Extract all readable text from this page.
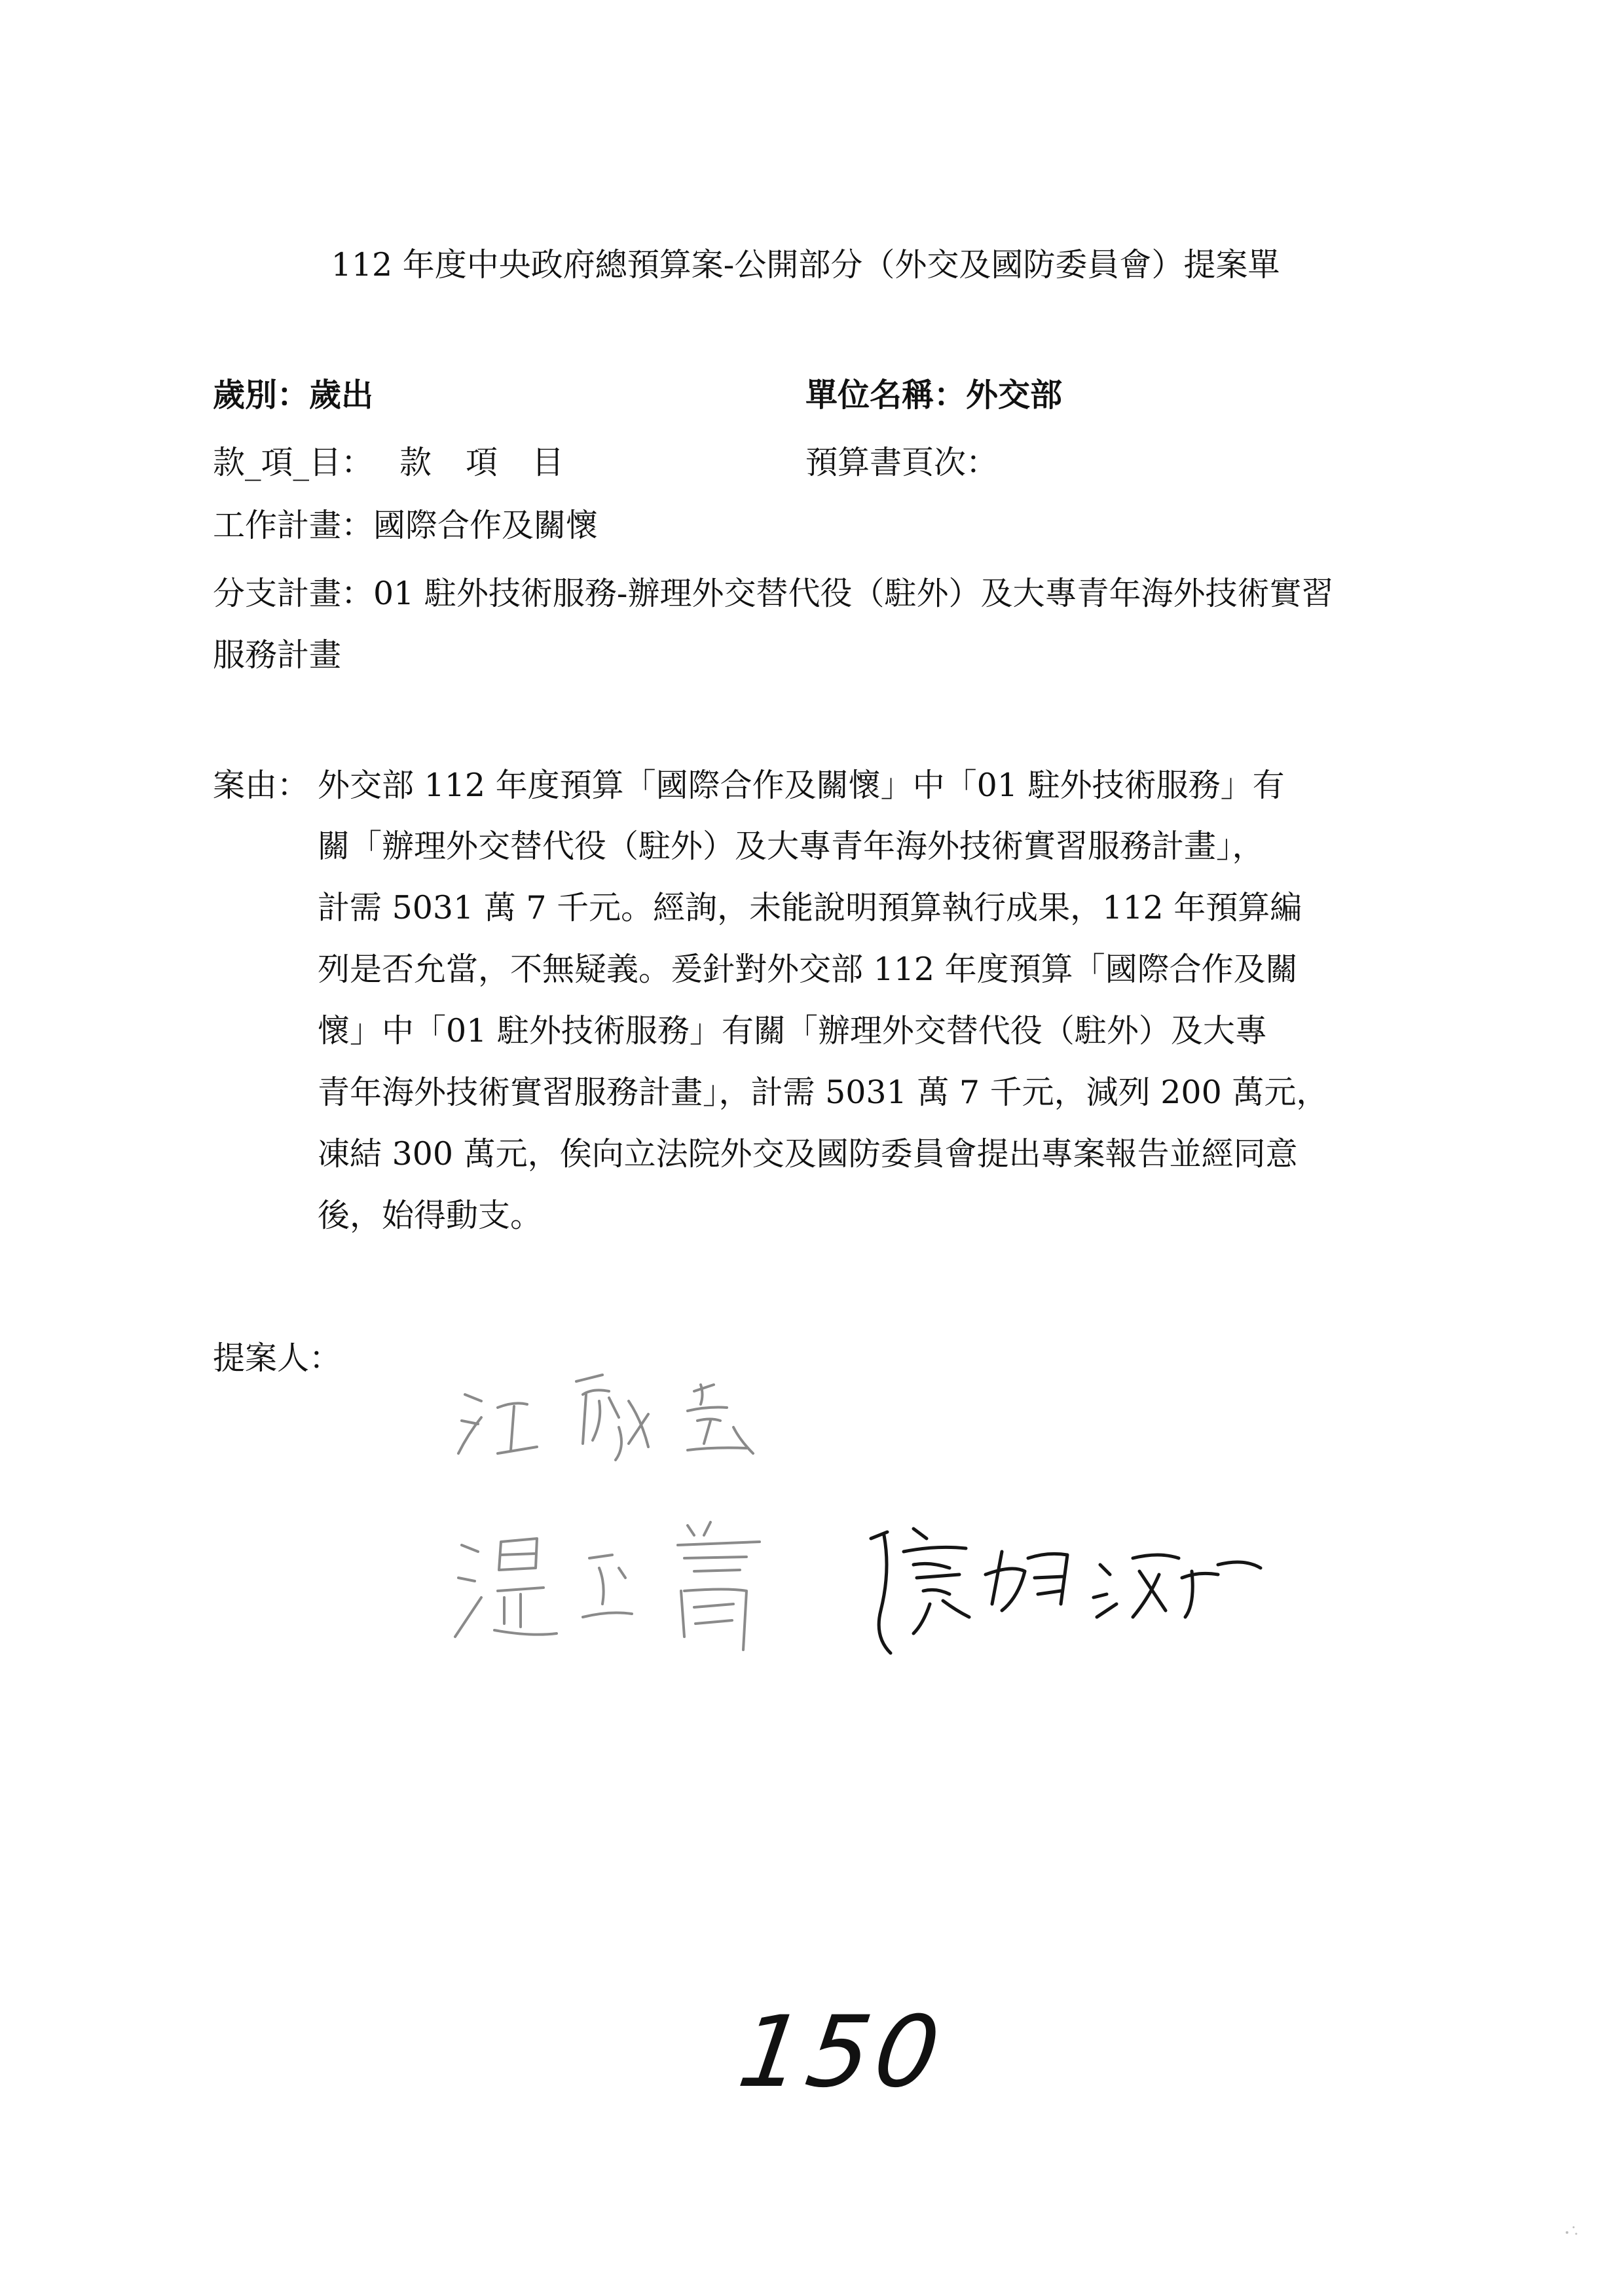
112 年度中央政府總預算案-公開部分（外交及國防委員會）提案單
歲別：歲出	單位名稱：外交部
款_項_目： 款項目	預算書頁次：
工作計畫：國際合作及關懷
分支計畫：01 駐外技術服務-辦理外交替代役（駐外）及大專青年海外技術實習
服務計畫
案由： 外交部 112 年度預算「國際合作及關懷」中「01 駐外技術服務」有
關「辦理外交替代役（駐外）及大專青年海外技術實習服務計畫」，
計需 5031 萬 7 千元。經詢，未能說明預算執行成果，112 年預算編
列是否允當，不無疑義。爰針對外交部 112 年度預算「國際合作及關
懷」中「01 駐外技術服務」有關「辦理外交替代役（駐外）及大專
青年海外技術實習服務計畫」，計需 5031 萬 7 千元，減列 200 萬元，
凍結 300 萬元，俟向立法院外交及國防委員會提出專案報告並經同意
後，始得動支。
提案人：
150
